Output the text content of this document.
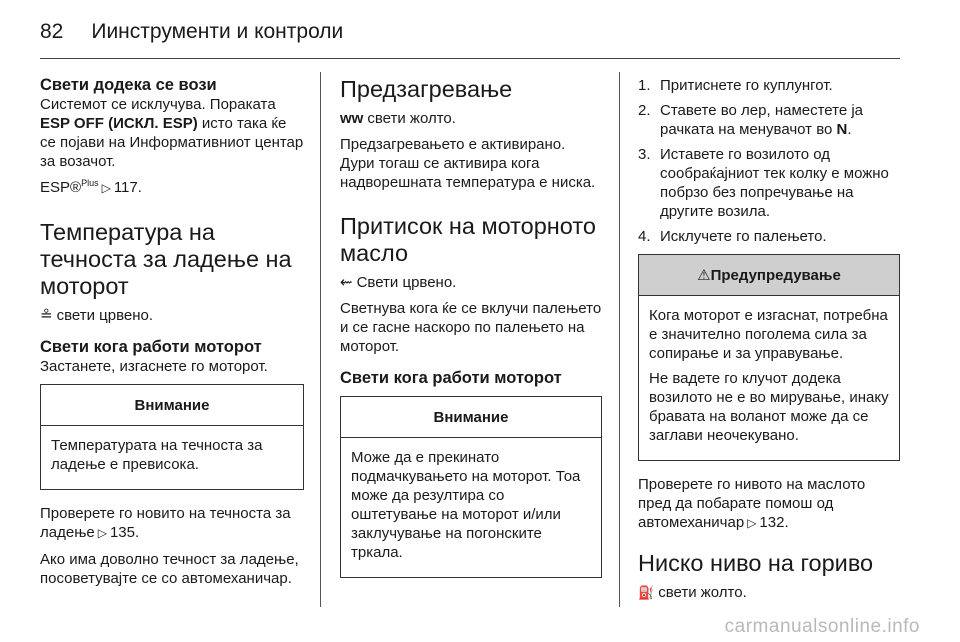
82 Иинструменти и контроли
Свети додека се вози

Системот се исклучува. Поракатa ESP OFF (ИСКЛ. ESP) исто така ќе се појави на Информативниот центар за возачот.

ESP®$^{Plus}$ ▷ 117.

Температура на течноста за ладење на моторот

≗ свети црвено.

Свети кога работи моторот

Застанете, изгаснете го моторот.

Внимание

Температурата на течноста за ладење е превисока.

Проверете го новито на течноста за ладење ▷ 135.

Ако има доволно течност за ладење, посоветувајте се со автомеханичар.

Предзагревање

ᴡᴡ свети жолто.

Предзагревањето е активирано. Дури тогаш се активира кога надворешната температура е ниска.

Притисок на моторното масло

⇜ Свети црвено.

Светнува кога ќе се вклучи палењето и се гасне наскоро по палењето на моторот.

Свети кога работи моторот
Внимание

Може да е прекинато подмачкувањето на моторот. Тоа може да резултира со оштетување на моторот и/или заклучување на погонските тркала.

1. Притиснете го куплунгот.
2. Ставете во лер, наместете ја рачката на менувачот во N.
3. Иставете го возилото од сообраќајниот тек колку е можно побрзо без попречување на другите возила.
4. Исклучете го палењето.
⚠Предупредување

Кога моторот е изгаснат, потребна е значително поголема сила за сопирање и за управување.

Не вадете го клучот додека возилото не е во мирување, инаку бравата на воланот може да се заглави неочекувано.

Проверете го нивото на маслото пред да побарате помош од автомеханичар ▷ 132.

Ниско ниво на гориво

⛽ свети жолто.

carmanualsonline.info
